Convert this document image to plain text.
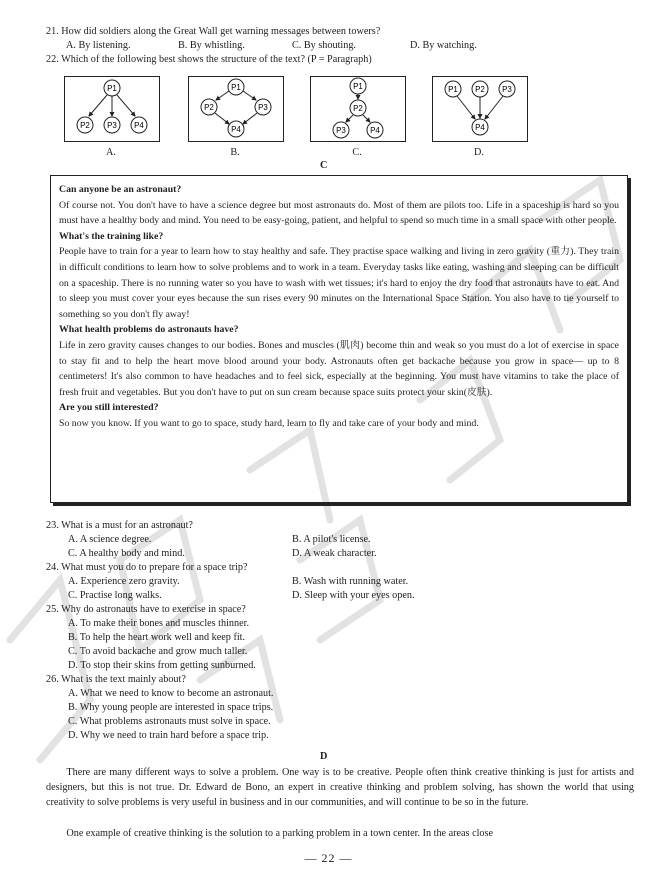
21. How did soldiers along the Great Wall get warning messages between towers?
A. By listening.	B. By whistling.	C. By shouting.	D. By watching.
22. Which of the following best shows the structure of the text? (P = Paragraph)
P1
P2 P3 P4
A.
P1
P2	P3
P4
B.
P1
P2
P3	P4
C.
P1 P2 P3
P4
D.
C
Can anyone be an astronaut?

Of course not. You don't have to have a science degree but most astronauts do. Most of them are pilots too. Life in a spaceship is hard so you must have a healthy body and mind. You need to be easy-going, patient, and helpful to spend so much time in a small space with other people.

What's the training like?

People have to train for a year to learn how to stay healthy and safe. They practise space walking and living in zero gravity (重力). They train in difficult conditions to learn how to solve problems and to work in a team. Everyday tasks like eating, washing and sleeping can be difficult on a spaceship. There is no running water so you have to wash with wet tissues; it's hard to enjoy the dry food that astronauts have to eat. And to sleep you must cover your eyes because the sun rises every 90 minutes on the International Space Station. You also have to tie yourself to something so you don't fly away!

What health problems do astronauts have?

Life in zero gravity causes changes to our bodies. Bones and muscles (肌肉) become thin and weak so you must do a lot of exercise in space to stay fit and to help the heart move blood around your body. Astronauts often get backache because you grow in space— up to 8 centimeters! It's also common to have headaches and to feel sick, especially at the beginning. You must have vitamins to take the place of fresh fruit and vegetables. But you don't have to put on sun cream because space suits protect your skin(皮肤).

Are you still interested?

So now you know. If you want to go to space, study hard, learn to fly and take care of your body and mind.

23. What is a must for an astronaut?
A. A science degree.	B. A pilot's license.
C. A healthy body and mind.	D. A weak character.
24. What must you do to prepare for a space trip?
A. Experience zero gravity.	B. Wash with running water.
C. Practise long walks.	D. Sleep with your eyes open.
25. Why do astronauts have to exercise in space?
A. To make their bones and muscles thinner.
B. To help the heart work well and keep fit.
C. To avoid backache and grow much taller.
D. To stop their skins from getting sunburned.
26. What is the text mainly about?
A. What we need to know to become an astronaut.
B. Why young people are interested in space trips.
C. What problems astronauts must solve in space.
D. Why we need to train hard before a space trip.
D
There are many different ways to solve a problem. One way is to be creative. People often think creative thinking is just for artists and designers, but this is not true. Dr. Edward de Bono, an expert in creative thinking and problem solving, has shown the world that using creativity to solve problems is very useful in business and in our communities, and will continue to be so in the future.
One example of creative thinking is the solution to a parking problem in a town center. In the areas close
— 22 —
